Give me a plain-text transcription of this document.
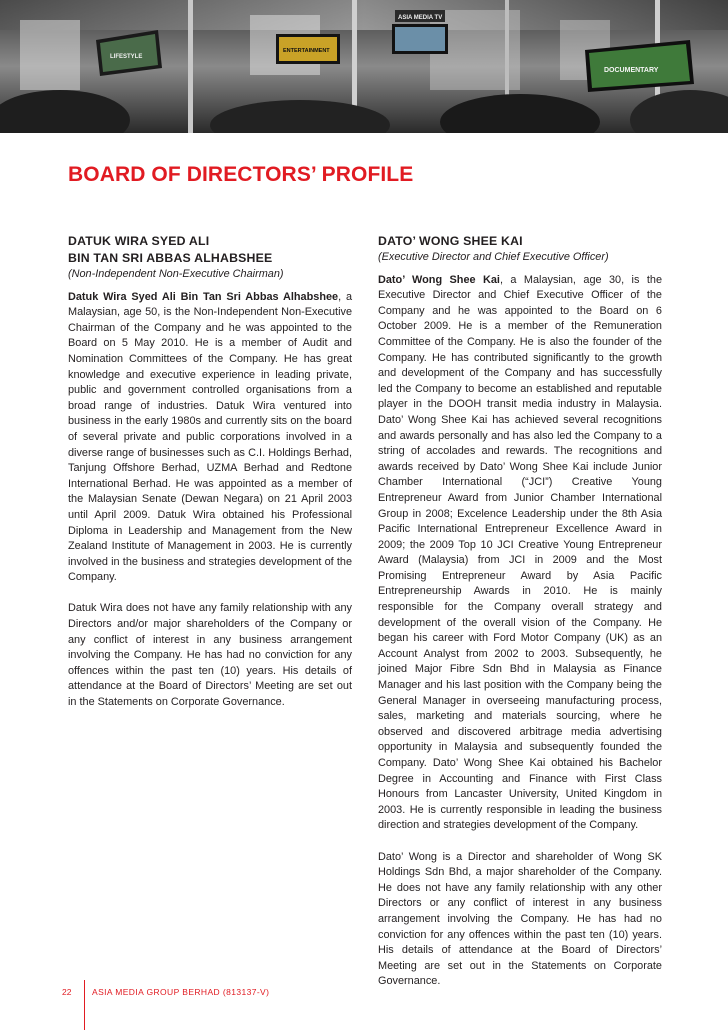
LIFESTYLE
ENTERTAINMENT
ASIA MEDIA TV
DOCUMENTARY
BOARD OF DIRECTORS’ PROFILE

DATUK WIRA SYED ALI

BIN TAN SRI ABBAS ALHABSHEE

(Non-Independent Non-Executive Chairman)

Datuk Wira Syed Ali Bin Tan Sri Abbas Alhabshee, a Malaysian, age 50, is the Non-Independent Non-Executive Chairman of the Company and he was appointed to the Board on 5 May 2010. He is a member of Audit and Nomination Committees of the Company. He has great knowledge and executive experience in leading private, public and government controlled organisations from a broad range of industries. Datuk Wira ventured into business in the early 1980s and currently sits on the board of several private and public corporations involved in a diverse range of businesses such as C.I. Holdings Berhad, Tanjung Offshore Berhad, UZMA Berhad and Redtone International Berhad. He was appointed as a member of the Malaysian Senate (Dewan Negara) on 21 April 2003 until April 2009. Datuk Wira obtained his Professional Diploma in Leadership and Management from the New Zealand Institute of Management in 2003. He is currently involved in the business and strategies development of the Company.

Datuk Wira does not have any family relationship with any Directors and/or major shareholders of the Company or any conflict of interest in any business arrangement involving the Company. He has had no conviction for any offences within the past ten (10) years. His details of attendance at the Board of Directors’ Meeting are set out in the Statements on Corporate Governance.

DATO’ WONG SHEE KAI

(Executive Director and Chief Executive Officer)

Dato’ Wong Shee Kai, a Malaysian, age 30, is the Executive Director and Chief Executive Officer of the Company and he was appointed to the Board on 6 October 2009. He is a member of the Remuneration Committee of the Company. He is also the founder of the Company. He has contributed significantly to the growth and development of the Company and has successfully led the Company to become an established and reputable player in the DOOH transit media industry in Malaysia. Dato’ Wong Shee Kai has achieved several recognitions and awards personally and has also led the Company to a string of accolades and rewards. The recognitions and awards received by Dato’ Wong Shee Kai include Junior Chamber International (“JCI”) Creative Young Entrepreneur Award from Junior Chamber International Group in 2008; Excelence Leadership under the 8th Asia Pacific International Entrepreneur Excellence Award in 2009; the 2009 Top 10 JCI Creative Young Entrepreneur Award (Malaysia) from JCI in 2009 and the Most Promising Entrepreneur Award by Asia Pacific Entrepreneurship Awards in 2010. He is mainly responsible for the Company overall strategy and development of the overall vision of the Company. He began his career with Ford Motor Company (UK) as an Account Analyst from 2002 to 2003. Subsequently, he joined Major Fibre Sdn Bhd in Malaysia as Finance Manager and his last position with the Company being the General Manager in overseeing manufacturing process, sales, marketing and materials sourcing, where he observed and discovered arbitrage media advertising opportunity in Malaysia and subsequently founded the Company. Dato’ Wong Shee Kai obtained his Bachelor Degree in Accounting and Finance with First Class Honours from Lancaster University, United Kingdom in 2003. He is currently responsible in leading the business direction and strategies development of the Company.

Dato’ Wong is a Director and shareholder of Wong SK Holdings Sdn Bhd, a major shareholder of the Company. He does not have any family relationship with any other Directors or any conflict of interest in any business arrangement involving the Company. He has had no conviction for any offences within the past ten (10) years. His details of attendance at the Board of Directors’ Meeting are set out in the Statements on Corporate Governance.

22 ASIA MEDIA GROUP BERHAD (813137-V)
